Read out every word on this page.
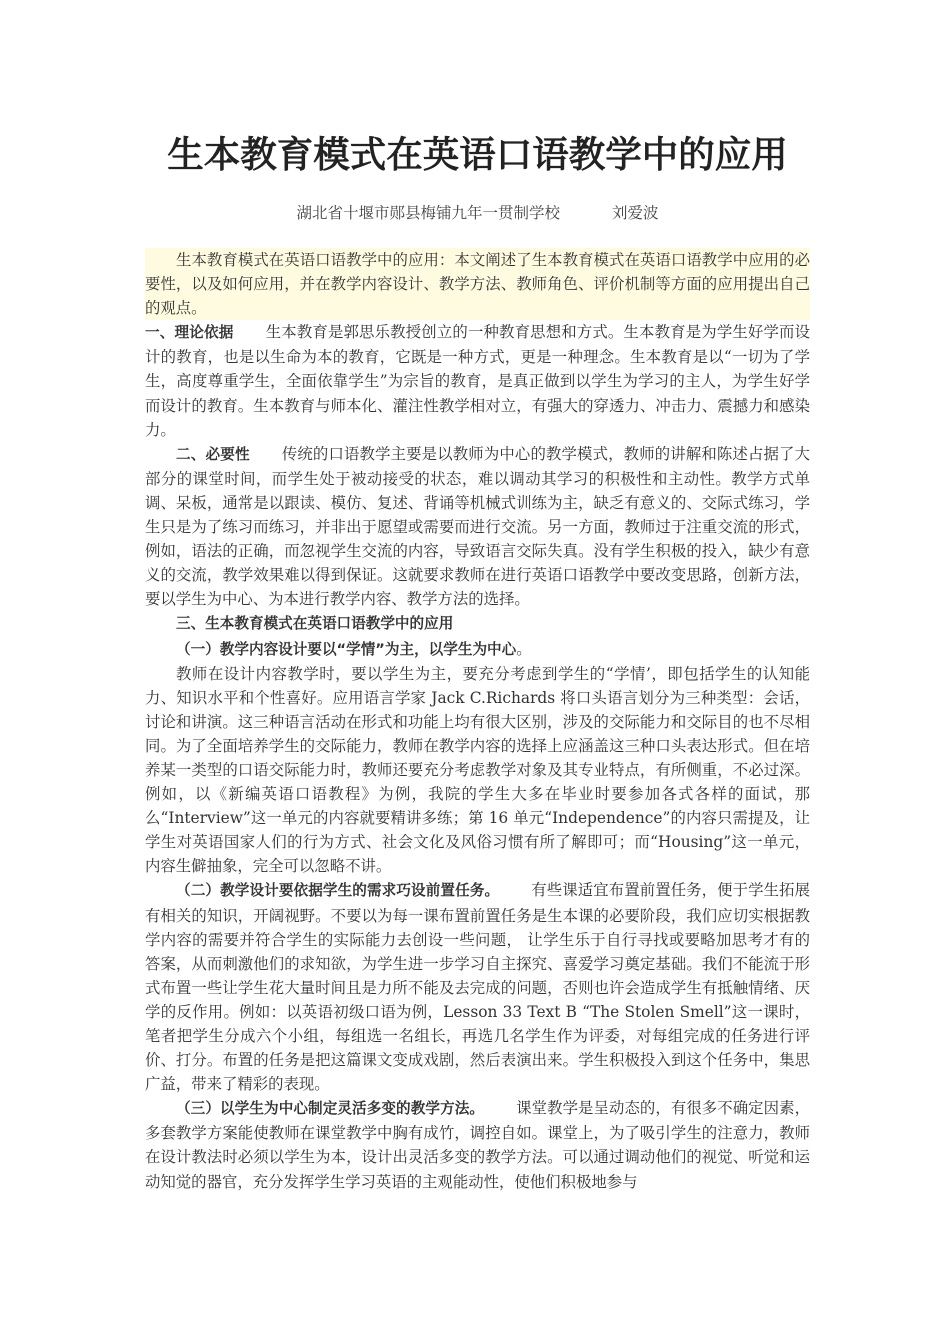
生本教育模式在英语口语教学中的应用
湖北省十堰市郧县梅铺九年一贯制学校	刘爱波

生本教育模式在英语口语教学中的应用：本文阐述了生本教育模式在英语口语教学中应用的必要性，以及如何应用，并在教学内容设计、教学方法、教师角色、评价机制等方面的应用提出自己的观点。

一、理论依据 生本教育是郭思乐教授创立的一种教育思想和方式。生本教育是为学生好学而设计的教育，也是以生命为本的教育，它既是一种方式，更是一种理念。生本教育是以“一切为了学生，高度尊重学生，全面依靠学生”为宗旨的教育，是真正做到以学生为学习的主人，为学生好学而设计的教育。生本教育与师本化、灌注性教学相对立，有强大的穿透力、冲击力、震撼力和感染力。

二、必要性 传统的口语教学主要是以教师为中心的教学模式，教师的讲解和陈述占据了大部分的课堂时间，而学生处于被动接受的状态，难以调动其学习的积极性和主动性。教学方式单调、呆板，通常是以跟读、模仿、复述、背诵等机械式训练为主，缺乏有意义的、交际式练习，学生只是为了练习而练习，并非出于愿望或需要而进行交流。另一方面，教师过于注重交流的形式，例如，语法的正确，而忽视学生交流的内容，导致语言交际失真。没有学生积极的投入，缺少有意义的交流，教学效果难以得到保证。这就要求教师在进行英语口语教学中要改变思路，创新方法，要以学生为中心、为本进行教学内容、教学方法的选择。

三、生本教育模式在英语口语教学中的应用

（一）教学内容设计要以“学情”为主，以学生为中心。

教师在设计内容教学时，要以学生为主，要充分考虑到学生的“学情’，即包括学生的认知能力、知识水平和个性喜好。应用语言学家 Jack C.Richards 将口头语言划分为三种类型：会话，讨论和讲演。这三种语言活动在形式和功能上均有很大区别，涉及的交际能力和交际目的也不尽相同。为了全面培养学生的交际能力，教师在教学内容的选择上应涵盖这三种口头表达形式。但在培养某一类型的口语交际能力时，教师还要充分考虑教学对象及其专业特点，有所侧重，不必过深。例如，以《新编英语口语教程》为例，我院的学生大多在毕业时要参加各式各样的面试，那么“Interview”这一单元的内容就要精讲多练；第 16 单元“Independence”的内容只需提及，让学生对英语国家人们的行为方式、社会文化及风俗习惯有所了解即可；而“Housing”这一单元，内容生僻抽象，完全可以忽略不讲。

（二）教学设计要依据学生的需求巧设前置任务。 有些课适宜布置前置任务，便于学生拓展有相关的知识，开阔视野。不要以为每一课布置前置任务是生本课的必要阶段，我们应切实根据教学内容的需要并符合学生的实际能力去创设一些问题， 让学生乐于自行寻找或要略加思考才有的答案，从而刺激他们的求知欲，为学生进一步学习自主探究、喜爱学习奠定基础。我们不能流于形式布置一些让学生花大量时间且是力所不能及去完成的问题，否则也许会造成学生有抵触情绪、厌学的反作用。例如：以英语初级口语为例，Lesson 33 Text B “The Stolen Smell”这一课时，笔者把学生分成六个小组，每组选一名组长，再选几名学生作为评委，对每组完成的任务进行评价、打分。布置的任务是把这篇课文变成戏剧，然后表演出来。学生积极投入到这个任务中，集思广益，带来了精彩的表现。

（三）以学生为中心制定灵活多变的教学方法。 课堂教学是呈动态的，有很多不确定因素，多套教学方案能使教师在课堂教学中胸有成竹，调控自如。课堂上，为了吸引学生的注意力，教师在设计教法时必须以学生为本，设计出灵活多变的教学方法。可以通过调动他们的视觉、听觉和运动知觉的器官，充分发挥学生学习英语的主观能动性，使他们积极地参与
